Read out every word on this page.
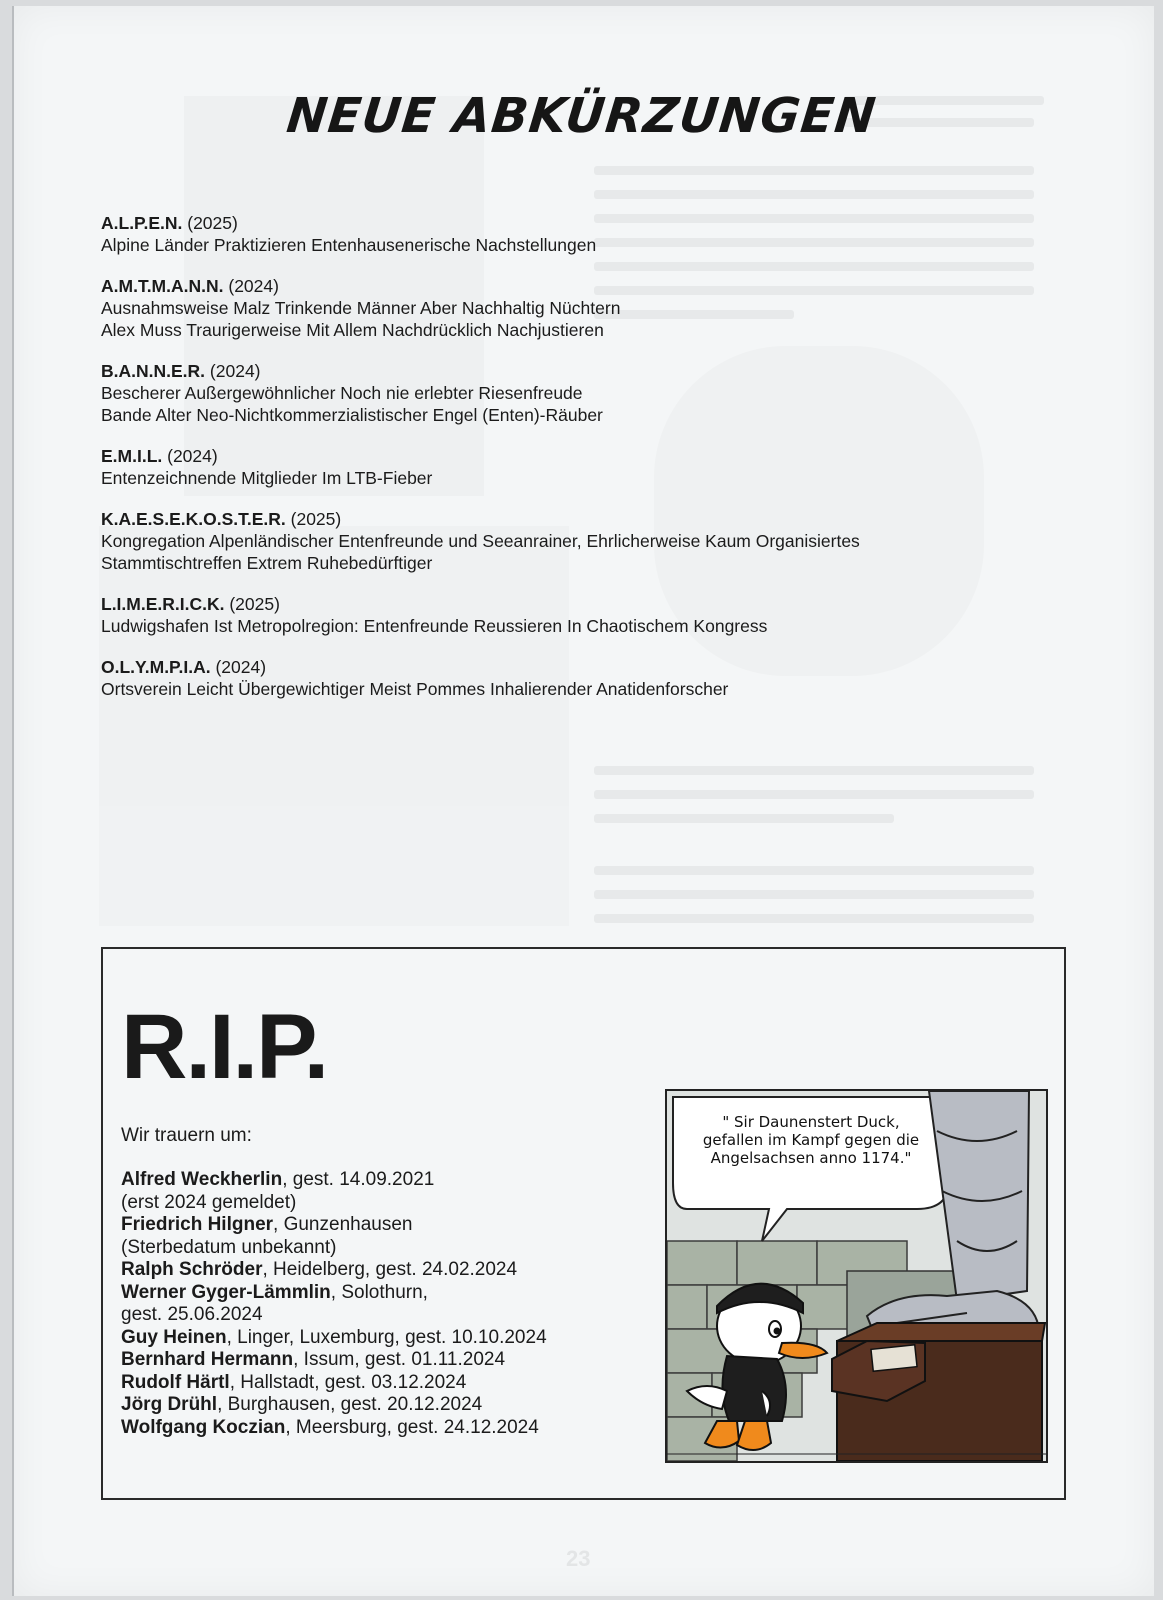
NEUE ABKÜRZUNGEN
A.L.P.E.N. (2025)
Alpine Länder Praktizieren Entenhausenerische Nachstellungen
A.M.T.M.A.N.N. (2024)
Ausnahmsweise Malz Trinkende Männer Aber Nachhaltig Nüchtern
Alex Muss Traurigerweise Mit Allem Nachdrücklich Nachjustieren
B.A.N.N.E.R. (2024)
Bescherer Außergewöhnlicher Noch nie erlebter Riesenfreude
Bande Alter Neo-Nichtkommerzialistischer Engel (Enten)-Räuber
E.M.I.L. (2024)
Entenzeichnende Mitglieder Im LTB-Fieber
K.A.E.S.E.K.O.S.T.E.R. (2025)
Kongregation Alpenländischer Entenfreunde und Seeanrainer, Ehrlicherweise Kaum Organisiertes
Stammtischtreffen Extrem Ruhebedürftiger
L.I.M.E.R.I.C.K. (2025)
Ludwigshafen Ist Metropolregion: Entenfreunde Reussieren In Chaotischem Kongress
O.L.Y.M.P.I.A. (2024)
Ortsverein Leicht Übergewichtiger Meist Pommes Inhalierender Anatidenforscher
R.I.P.
Wir trauern um:
Alfred Weckherlin, gest. 14.09.2021
(erst 2024 gemeldet)
Friedrich Hilgner, Gunzenhausen
(Sterbedatum unbekannt)
Ralph Schröder, Heidelberg, gest. 24.02.2024
Werner Gyger-Lämmlin, Solothurn,
gest. 25.06.2024
Guy Heinen, Linger, Luxemburg, gest. 10.10.2024
Bernhard Hermann, Issum, gest. 01.11.2024
Rudolf Härtl, Hallstadt, gest. 03.12.2024
Jörg Drühl, Burghausen, gest. 20.12.2024
Wolfgang Koczian, Meersburg, gest. 24.12.2024
" Sir Daunenstert Duck, gefallen im Kampf gegen die Angelsachsen anno 1174."
23
